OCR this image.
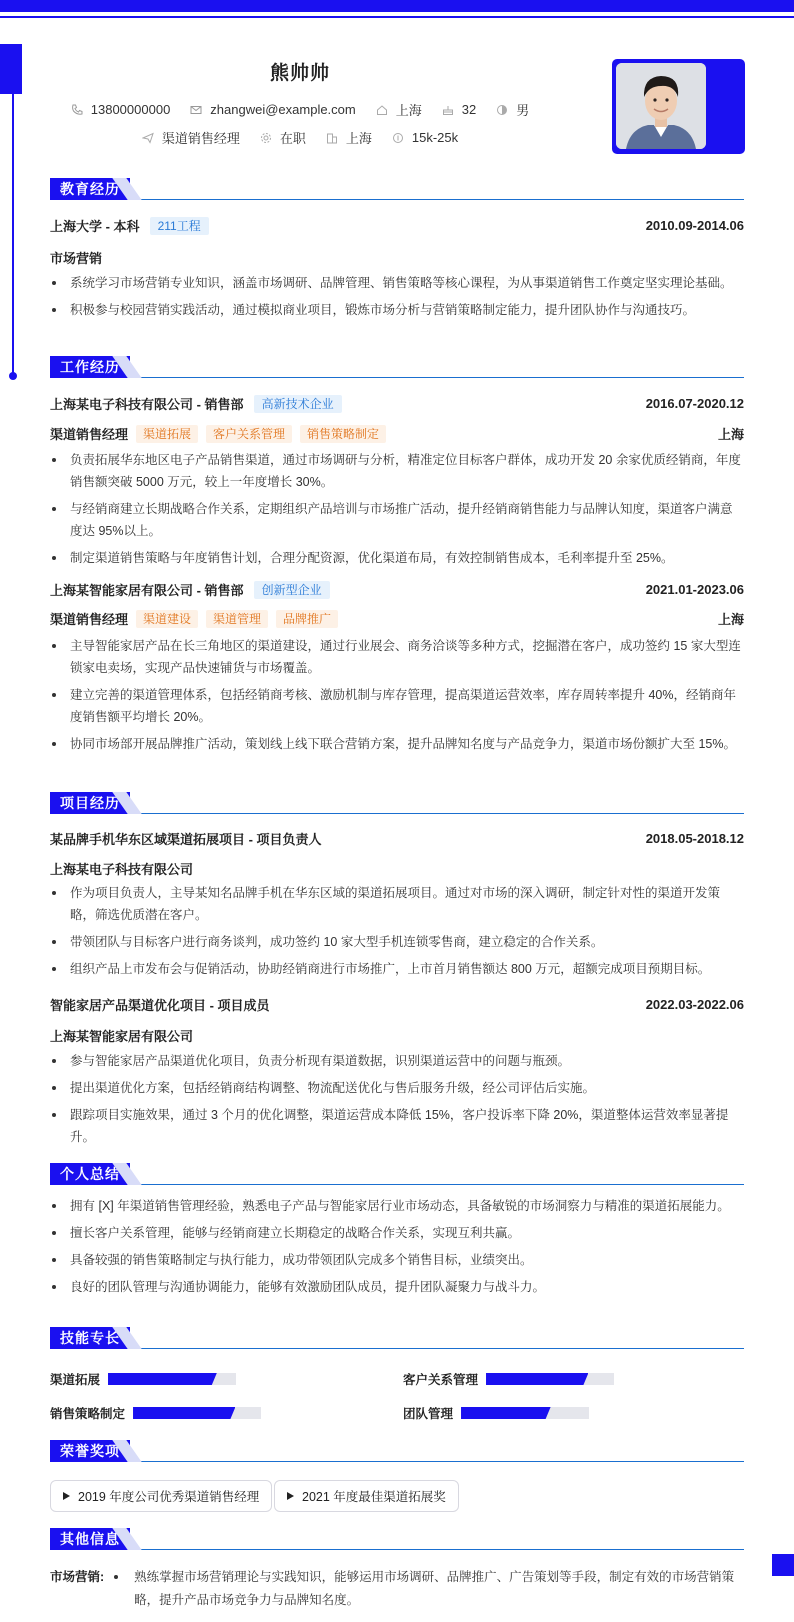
熊帅帅
13800000000	zhangwei@example.com	上海	32	男
渠道销售经理	在职	上海	15k-25k
教育经历
上海大学 - 本科	211工程	2010.09-2014.06
市场营销
系统学习市场营销专业知识，涵盖市场调研、品牌管理、销售策略等核心课程，为从事渠道销售工作奠定坚实理论基础。
积极参与校园营销实践活动，通过模拟商业项目，锻炼市场分析与营销策略制定能力，提升团队协作与沟通技巧。
工作经历
上海某电子科技有限公司 - 销售部	高新技术企业	2016.07-2020.12
渠道销售经理	渠道拓展	客户关系管理	销售策略制定	上海
负责拓展华东地区电子产品销售渠道，通过市场调研与分析，精准定位目标客户群体，成功开发 20 余家优质经销商，年度销售额突破 5000 万元，较上一年度增长 30%。
与经销商建立长期战略合作关系，定期组织产品培训与市场推广活动，提升经销商销售能力与品牌认知度，渠道客户满意度达 95%以上。
制定渠道销售策略与年度销售计划，合理分配资源，优化渠道布局，有效控制销售成本，毛利率提升至 25%。
上海某智能家居有限公司 - 销售部	创新型企业	2021.01-2023.06
渠道销售经理	渠道建设	渠道管理	品牌推广	上海
主导智能家居产品在长三角地区的渠道建设，通过行业展会、商务洽谈等多种方式，挖掘潜在客户，成功签约 15 家大型连锁家电卖场，实现产品快速铺货与市场覆盖。
建立完善的渠道管理体系，包括经销商考核、激励机制与库存管理，提高渠道运营效率，库存周转率提升 40%，经销商年度销售额平均增长 20%。
协同市场部开展品牌推广活动，策划线上线下联合营销方案，提升品牌知名度与产品竞争力，渠道市场份额扩大至 15%。
项目经历
某品牌手机华东区域渠道拓展项目 - 项目负责人	2018.05-2018.12
上海某电子科技有限公司
作为项目负责人，主导某知名品牌手机在华东区域的渠道拓展项目。通过对市场的深入调研，制定针对性的渠道开发策略，筛选优质潜在客户。
带领团队与目标客户进行商务谈判，成功签约 10 家大型手机连锁零售商，建立稳定的合作关系。
组织产品上市发布会与促销活动，协助经销商进行市场推广，上市首月销售额达 800 万元，超额完成项目预期目标。
智能家居产品渠道优化项目 - 项目成员	2022.03-2022.06
上海某智能家居有限公司
参与智能家居产品渠道优化项目，负责分析现有渠道数据，识别渠道运营中的问题与瓶颈。
提出渠道优化方案，包括经销商结构调整、物流配送优化与售后服务升级，经公司评估后实施。
跟踪项目实施效果，通过 3 个月的优化调整，渠道运营成本降低 15%，客户投诉率下降 20%，渠道整体运营效率显著提升。
个人总结
拥有 [X] 年渠道销售管理经验，熟悉电子产品与智能家居行业市场动态，具备敏锐的市场洞察力与精准的渠道拓展能力。
擅长客户关系管理，能够与经销商建立长期稳定的战略合作关系，实现互利共赢。
具备较强的销售策略制定与执行能力，成功带领团队完成多个销售目标，业绩突出。
良好的团队管理与沟通协调能力，能够有效激励团队成员，提升团队凝聚力与战斗力。
技能专长
渠道拓展	客户关系管理
销售策略制定	团队管理
荣誉奖项
2019 年度公司优秀渠道销售经理	2021 年度最佳渠道拓展奖
其他信息
市场营销: 熟练掌握市场营销理论与实践知识，能够运用市场调研、品牌推广、广告策划等手段，制定有效的市场营销策略，提升产品市场竞争力与品牌知名度。
